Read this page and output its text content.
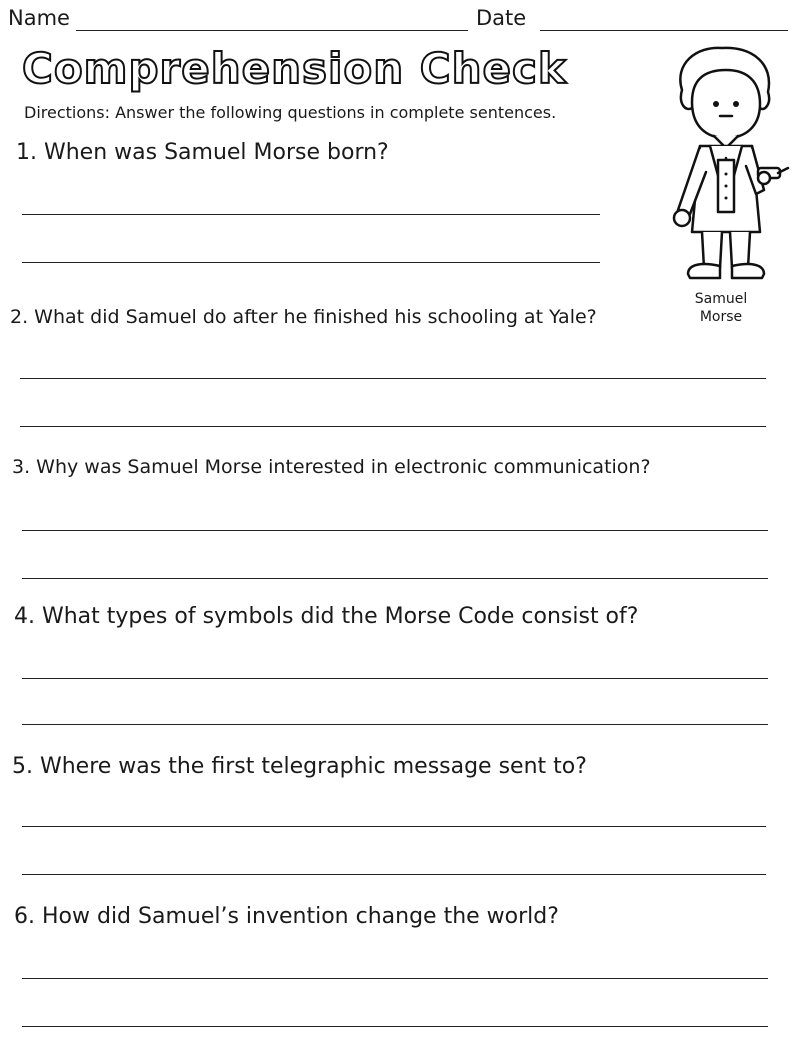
Name	Date
Comprehension Check
Directions: Answer the following questions in complete sentences.
Samuel
Morse
1. When was Samuel Morse born?
2. What did Samuel do after he finished his schooling at Yale?
3. Why was Samuel Morse interested in electronic communication?
4. What types of symbols did the Morse Code consist of?
5. Where was the first telegraphic message sent to?
6. How did Samuel’s invention change the world?
